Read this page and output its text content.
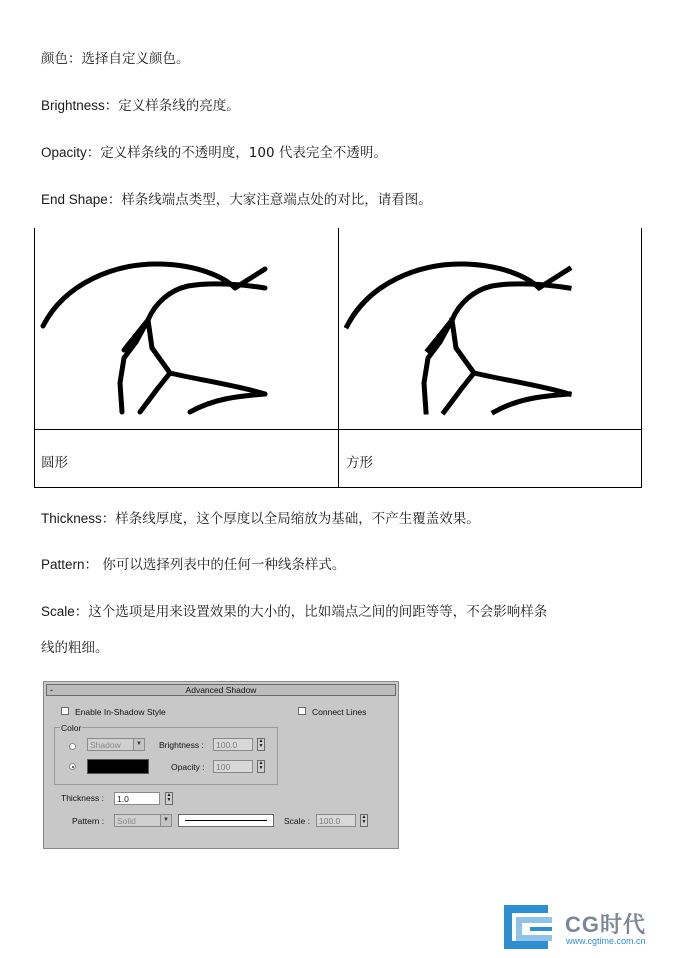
颜色：选择自定义颜色。
Brightness：定义样条线的亮度。
Opacity：定义样条线的不透明度，100 代表完全不透明。
End Shape：样条线端点类型，大家注意端点处的对比，请看图。
圆形	方形
Thickness：样条线厚度，这个厚度以全局缩放为基础，不产生覆盖效果。
Pattern： 你可以选择列表中的任何一种线条样式。
Scale：这个选项是用来设置效果的大小的，比如端点之间的间距等等，不会影响样条
线的粗细。
-	Advanced Shadow
Enable In-Shadow Style	Connect Lines
Color
Shadow	▼ Brightness : 100.0	▲
▼
Opacity : 100	▲
▼
Thickness : 1.0	▲
▼
Pattern : Solid	▼	Scale : 100.0	▲
▼
CG时代
www.cgtime.com.cn
